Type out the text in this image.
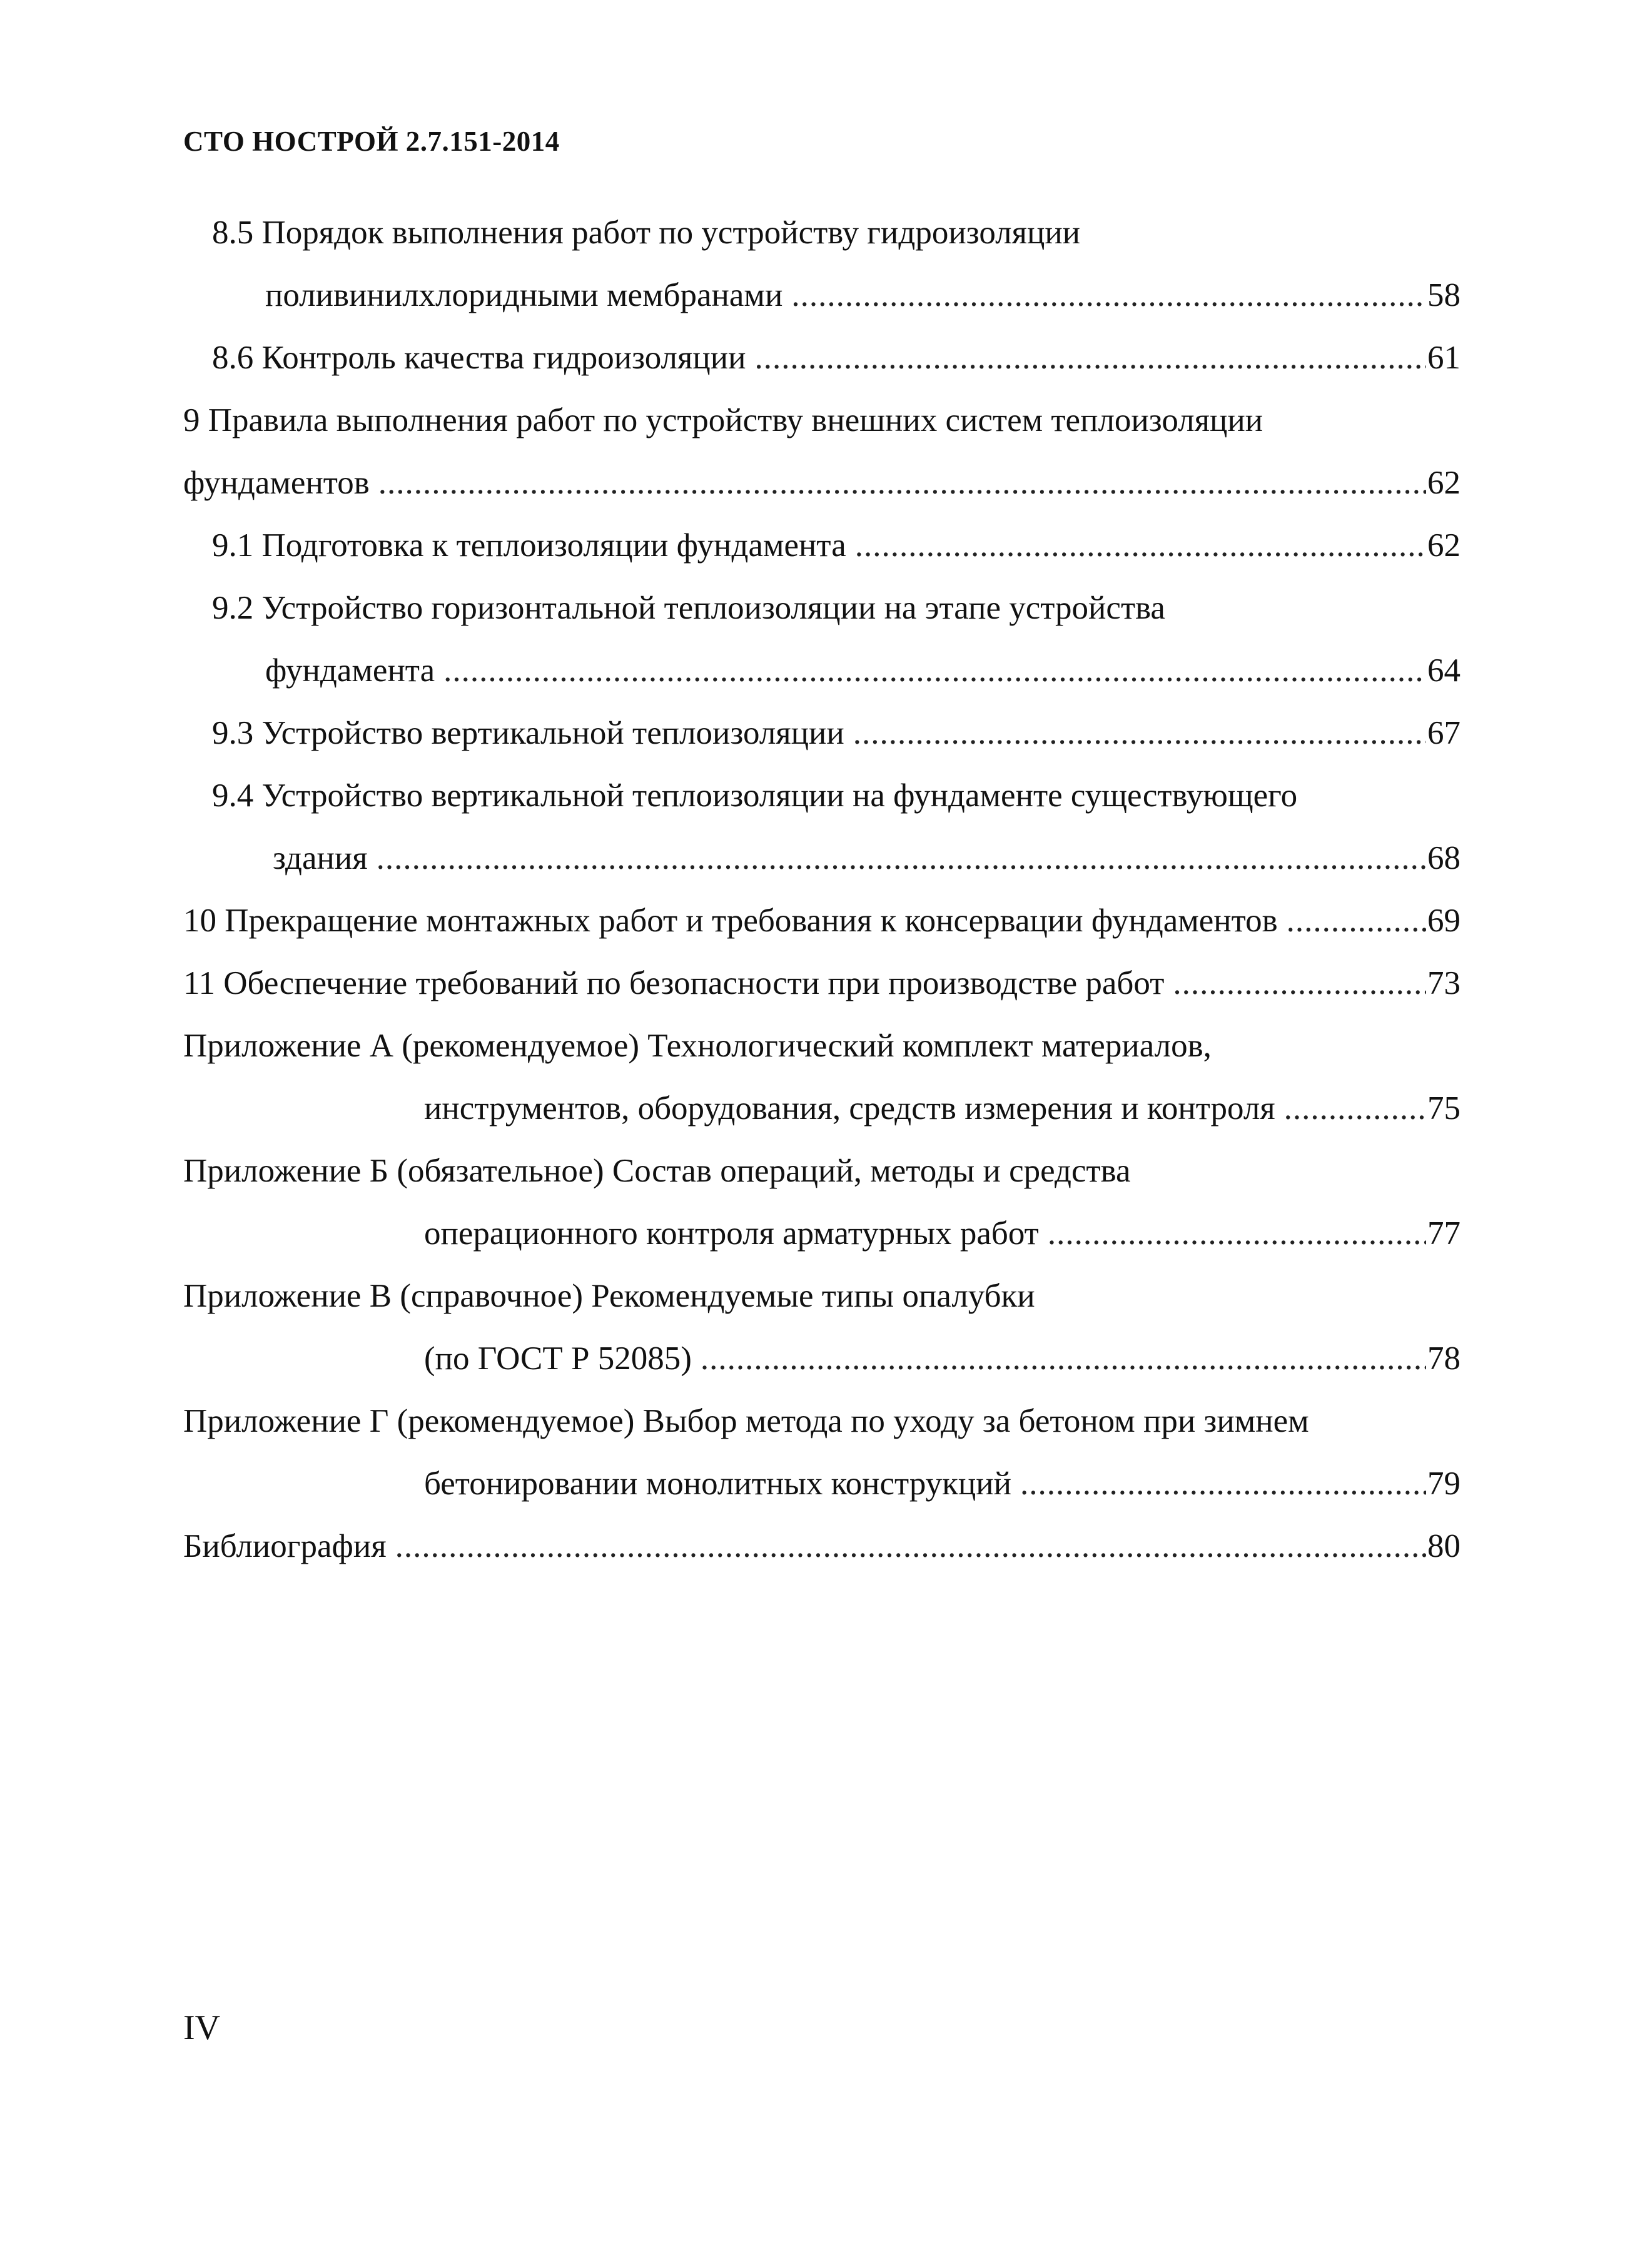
СТО НОСТРОЙ 2.7.151-2014
8.5 Порядок выполнения работ по устройству гидроизоляции
поливинилхлоридными мембранами .....	58
8.6 Контроль качества гидроизоляции .....	61
9 Правила выполнения работ по устройству внешних систем теплоизоляции
фундаментов .....	62
9.1 Подготовка к теплоизоляции фундамента .....	62
9.2 Устройство горизонтальной теплоизоляции на этапе устройства
фундамента .....	64
9.3 Устройство вертикальной теплоизоляции .....	67
9.4 Устройство вертикальной теплоизоляции на фундаменте существующего
здания .....	68
10 Прекращение монтажных работ и требования к консервации фундаментов .....	69
11 Обеспечение требований по безопасности при производстве работ .....	73
Приложение А (рекомендуемое) Технологический комплект материалов,
инструментов, оборудования, средств измерения и контроля .....	75
Приложение Б (обязательное) Состав операций, методы и средства
операционного контроля арматурных работ .....	77
Приложение В (справочное) Рекомендуемые типы опалубки
(по ГОСТ Р 52085) .....	78
Приложение Г (рекомендуемое) Выбор метода по уходу за бетоном при зимнем
бетонировании монолитных конструкций .....	79
Библиография .....	80
IV
